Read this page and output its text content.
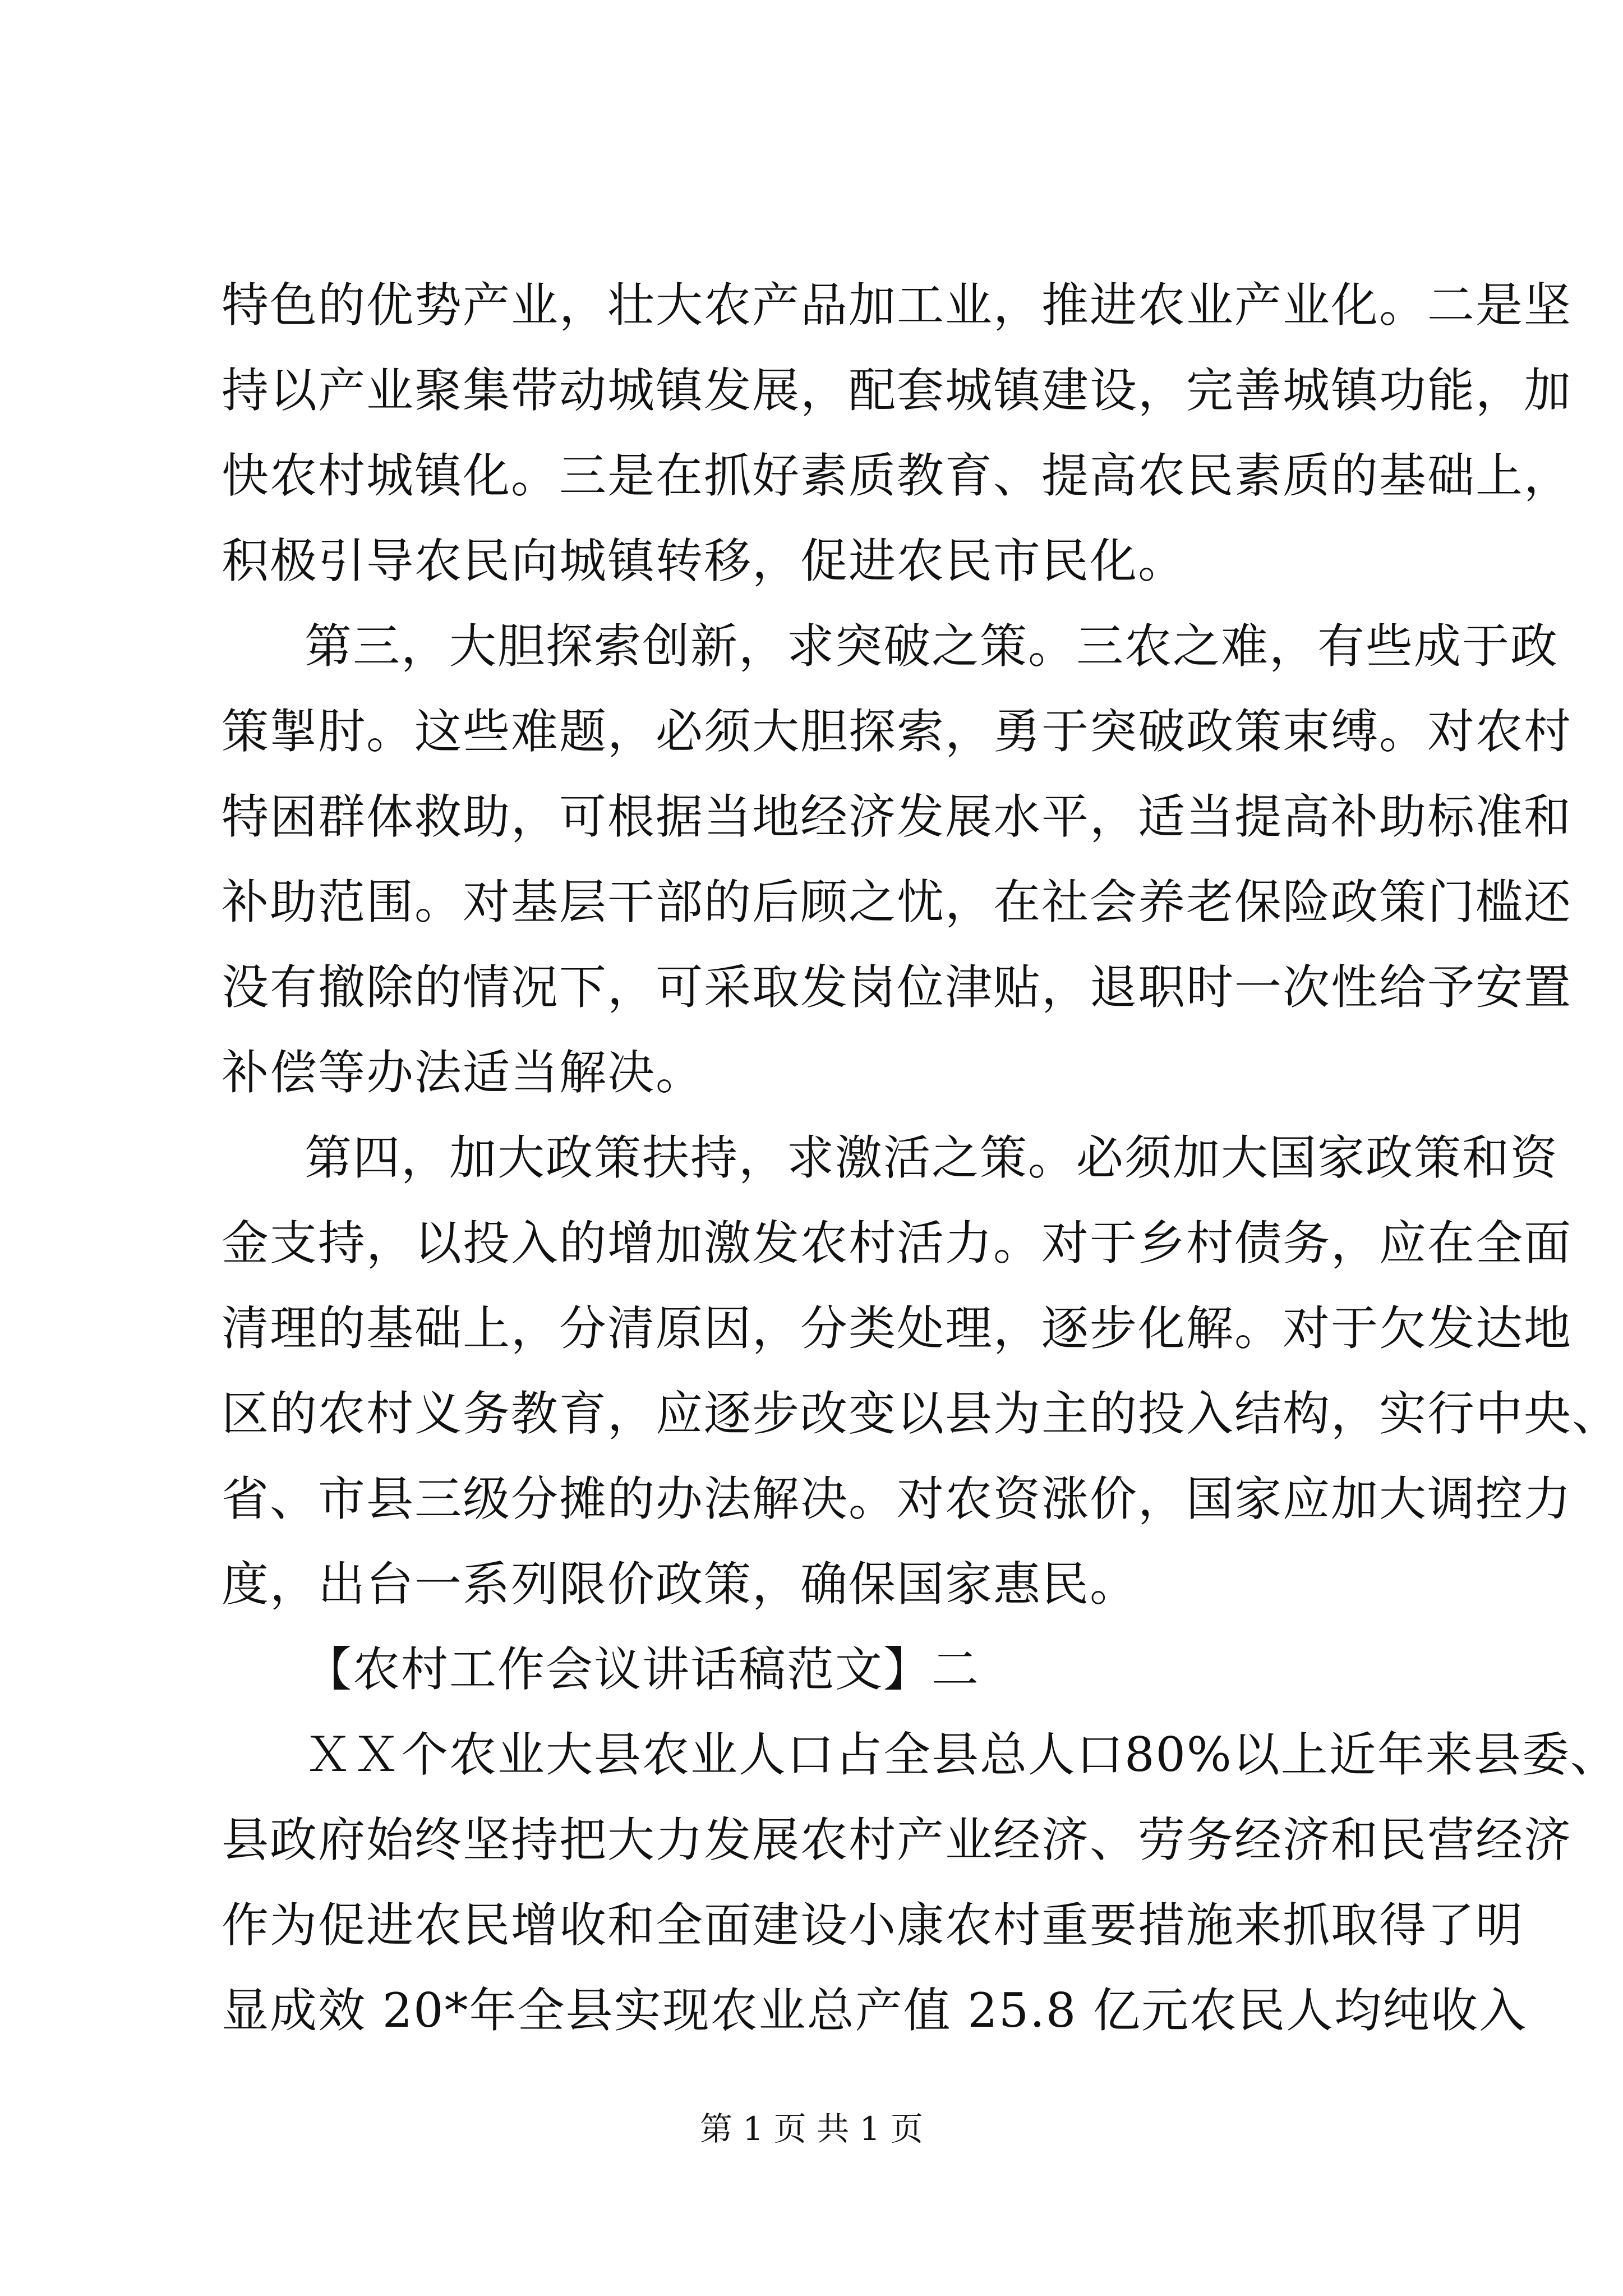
特色的优势产业，壮大农产品加工业，推进农业产业化。二是坚
持以产业聚集带动城镇发展，配套城镇建设，完善城镇功能，加
快农村城镇化。三是在抓好素质教育、提高农民素质的基础上，
积极引导农民向城镇转移，促进农民市民化。
第三，大胆探索创新，求突破之策。三农之难，有些成于政
策掣肘。这些难题，必须大胆探索，勇于突破政策束缚。对农村
特困群体救助，可根据当地经济发展水平，适当提高补助标准和
补助范围。对基层干部的后顾之忧，在社会养老保险政策门槛还
没有撤除的情况下，可采取发岗位津贴，退职时一次性给予安置
补偿等办法适当解决。
第四，加大政策扶持，求激活之策。必须加大国家政策和资
金支持，以投入的增加激发农村活力。对于乡村债务，应在全面
清理的基础上，分清原因，分类处理，逐步化解。对于欠发达地
区的农村义务教育，应逐步改变以县为主的投入结构，实行中央、
省、市县三级分摊的办法解决。对农资涨价，国家应加大调控力
度，出台一系列限价政策，确保国家惠民。
【农村工作会议讲话稿范文】二
ＸＸ个农业大县农业人口占全县总人口80%以上近年来县委、
县政府始终坚持把大力发展农村产业经济、劳务经济和民营经济
作为促进农民增收和全面建设小康农村重要措施来抓取得了明
显成效 20*年全县实现农业总产值 25.8 亿元农民人均纯收入
第 1 页 共 1 页
